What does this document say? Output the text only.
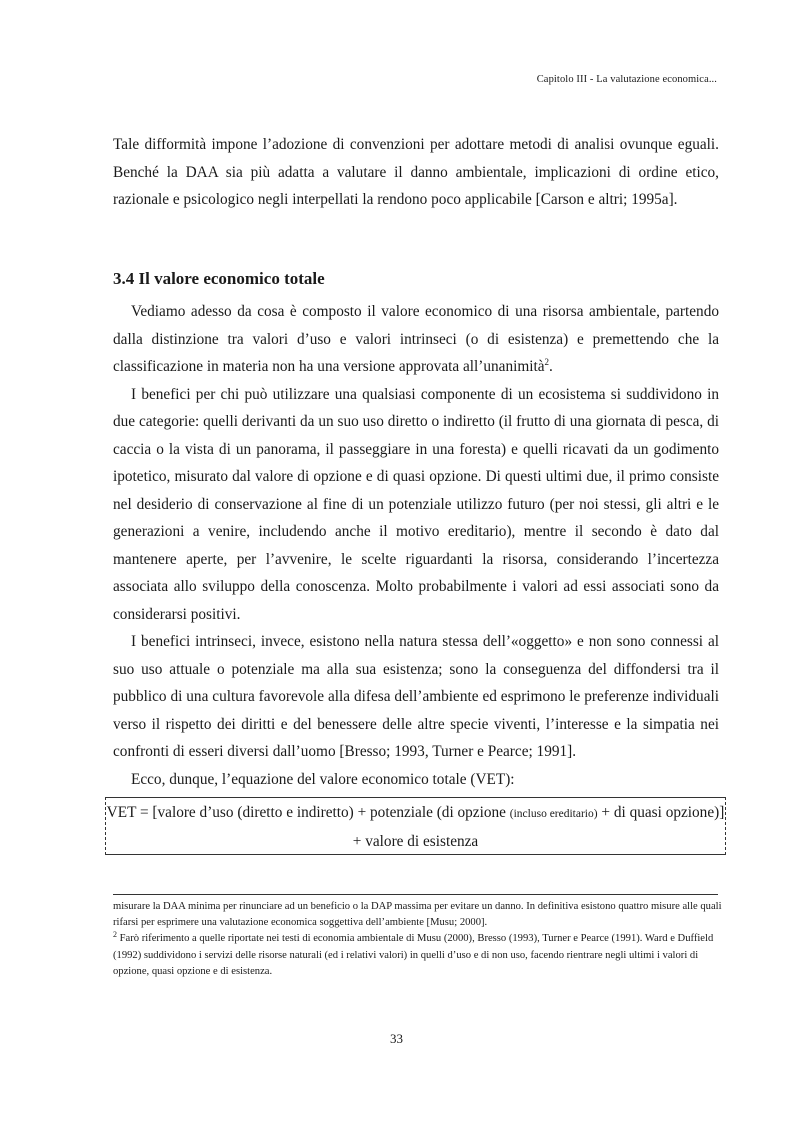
Capitolo III - La valutazione economica...

Tale difformità impone l’adozione di convenzioni per adottare metodi di analisi ovunque eguali. Benché la DAA sia più adatta a valutare il danno ambientale, implicazioni di ordine etico, razionale e psicologico negli interpellati la rendono poco applicabile [Carson e altri; 1995a].

3.4 Il valore economico totale

Vediamo adesso da cosa è composto il valore economico di una risorsa ambientale, partendo dalla distinzione tra valori d’uso e valori intrinseci (o di esistenza) e premettendo che la classificazione in materia non ha una versione approvata all’unanimità$^2$.

I benefici per chi può utilizzare una qualsiasi componente di un ecosistema si suddividono in due categorie: quelli derivanti da un suo uso diretto o indiretto (il frutto di una giornata di pesca, di caccia o la vista di un panorama, il passeggiare in una foresta) e quelli ricavati da un godimento ipotetico, misurato dal valore di opzione e di quasi opzione. Di questi ultimi due, il primo consiste nel desiderio di conservazione al fine di un potenziale utilizzo futuro (per noi stessi, gli altri e le generazioni a venire, includendo anche il motivo ereditario), mentre il secondo è dato dal mantenere aperte, per l’avvenire, le scelte riguardanti la risorsa, considerando l’incertezza associata allo sviluppo della conoscenza. Molto probabilmente i valori ad essi associati sono da considerarsi positivi.

I benefici intrinseci, invece, esistono nella natura stessa dell’«oggetto» e non sono connessi al suo uso attuale o potenziale ma alla sua esistenza; sono la conseguenza del diffondersi tra il pubblico di una cultura favorevole alla difesa dell’ambiente ed esprimono le preferenze individuali verso il rispetto dei diritti e del benessere delle altre specie viventi, l’interesse e la simpatia nei confronti di esseri diversi dall’uomo [Bresso; 1993, Turner e Pearce; 1991].

Ecco, dunque, l’equazione del valore economico totale (VET):

VET = [valore d’uso (diretto e indiretto) + potenziale (di opzione (incluso ereditario) + di quasi opzione)] + valore di esistenza

misurare la DAA minima per rinunciare ad un beneficio o la DAP massima per evitare un danno. In definitiva esistono quattro misure alle quali rifarsi per esprimere una valutazione economica soggettiva dell’ambiente [Musu; 2000].

$^2$ Farò riferimento a quelle riportate nei testi di economia ambientale di Musu (2000), Bresso (1993), Turner e Pearce (1991). Ward e Duffield (1992) suddividono i servizi delle risorse naturali (ed i relativi valori) in quelli d’uso e di non uso, facendo rientrare negli ultimi i valori di opzione, quasi opzione e di esistenza.

33
